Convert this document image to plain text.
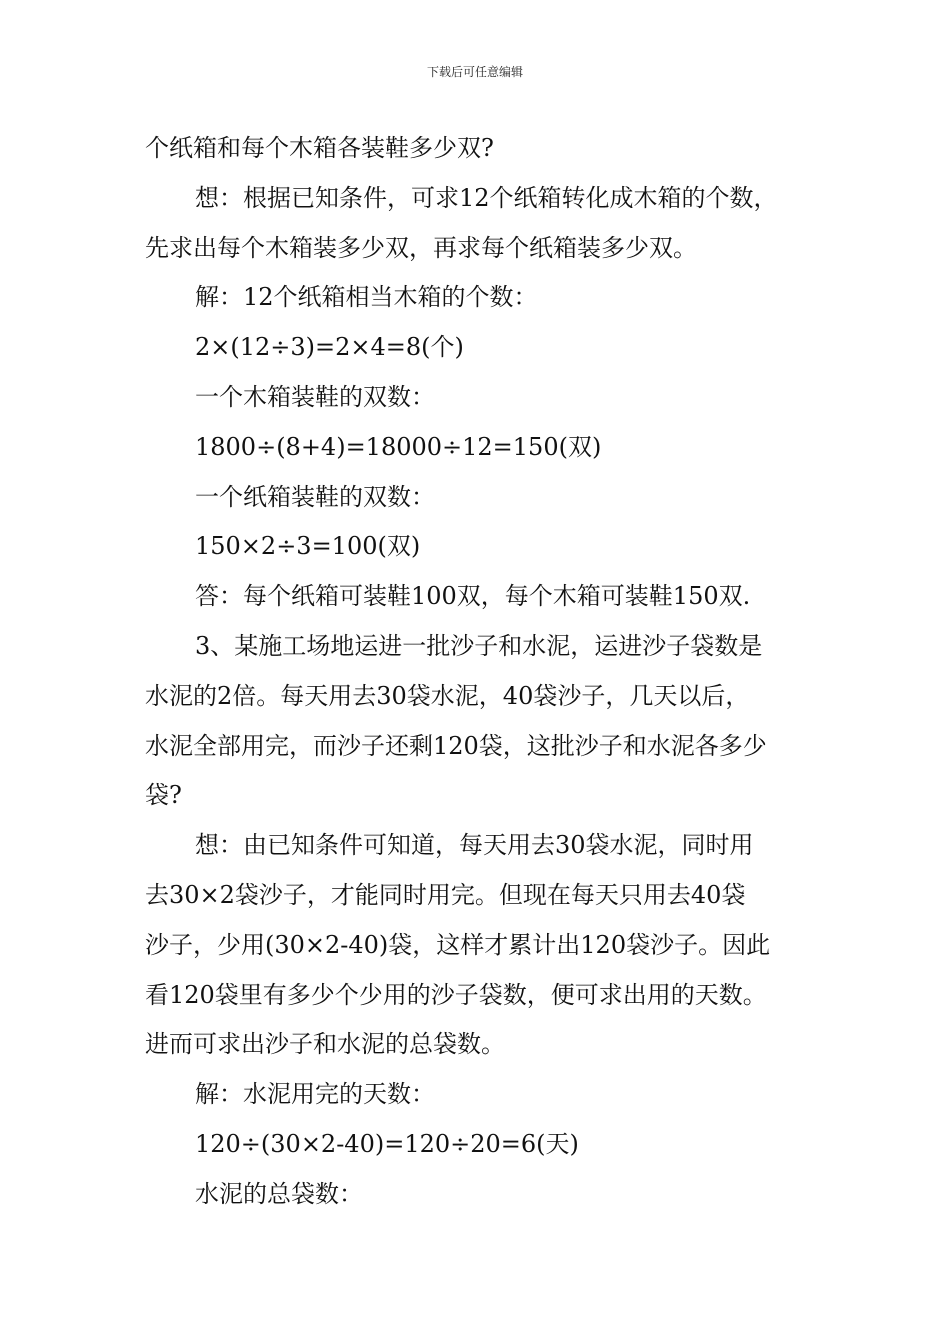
下载后可任意编辑
个纸箱和每个木箱各装鞋多少双?
想：根据已知条件，可求12个纸箱转化成木箱的个数，
先求出每个木箱装多少双，再求每个纸箱装多少双。
解：12个纸箱相当木箱的个数：
2×(12÷3)=2×4=8(个)
一个木箱装鞋的双数：
1800÷(8+4)=18000÷12=150(双)
一个纸箱装鞋的双数：
150×2÷3=100(双)
答：每个纸箱可装鞋100双，每个木箱可装鞋150双.
3、某施工场地运进一批沙子和水泥，运进沙子袋数是
水泥的2倍。每天用去30袋水泥，40袋沙子，几天以后，
水泥全部用完，而沙子还剩120袋，这批沙子和水泥各多少
袋?
想：由已知条件可知道，每天用去30袋水泥，同时用
去30×2袋沙子，才能同时用完。但现在每天只用去40袋
沙子，少用(30×2-40)袋，这样才累计出120袋沙子。因此
看120袋里有多少个少用的沙子袋数，便可求出用的天数。
进而可求出沙子和水泥的总袋数。
解：水泥用完的天数：
120÷(30×2-40)=120÷20=6(天)
水泥的总袋数：
